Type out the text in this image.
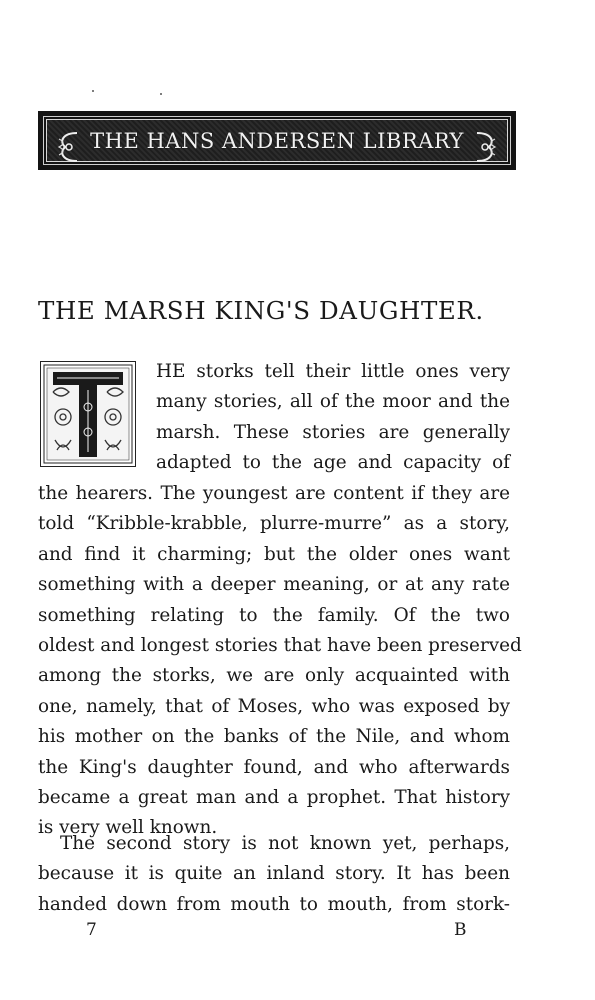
THE HANS ANDERSEN LIBRARY
THE MARSH KING'S DAUGHTER.
HE storks tell their little ones very
many stories, all of the moor and the
marsh. These stories are generally
adapted to the age and capacity of
the hearers. The youngest are content if they are
told “Kribble-krabble, plurre-murre” as a story,
and find it charming; but the older ones want
something with a deeper meaning, or at any rate
something relating to the family. Of the two
oldest and longest stories that have been preserved
among the storks, we are only acquainted with
one, namely, that of Moses, who was exposed by
his mother on the banks of the Nile, and whom
the King's daughter found, and who afterwards
became a great man and a prophet. That history
is very well known.
The second story is not known yet, perhaps,
because it is quite an inland story. It has been
handed down from mouth to mouth, from stork-
7	B
